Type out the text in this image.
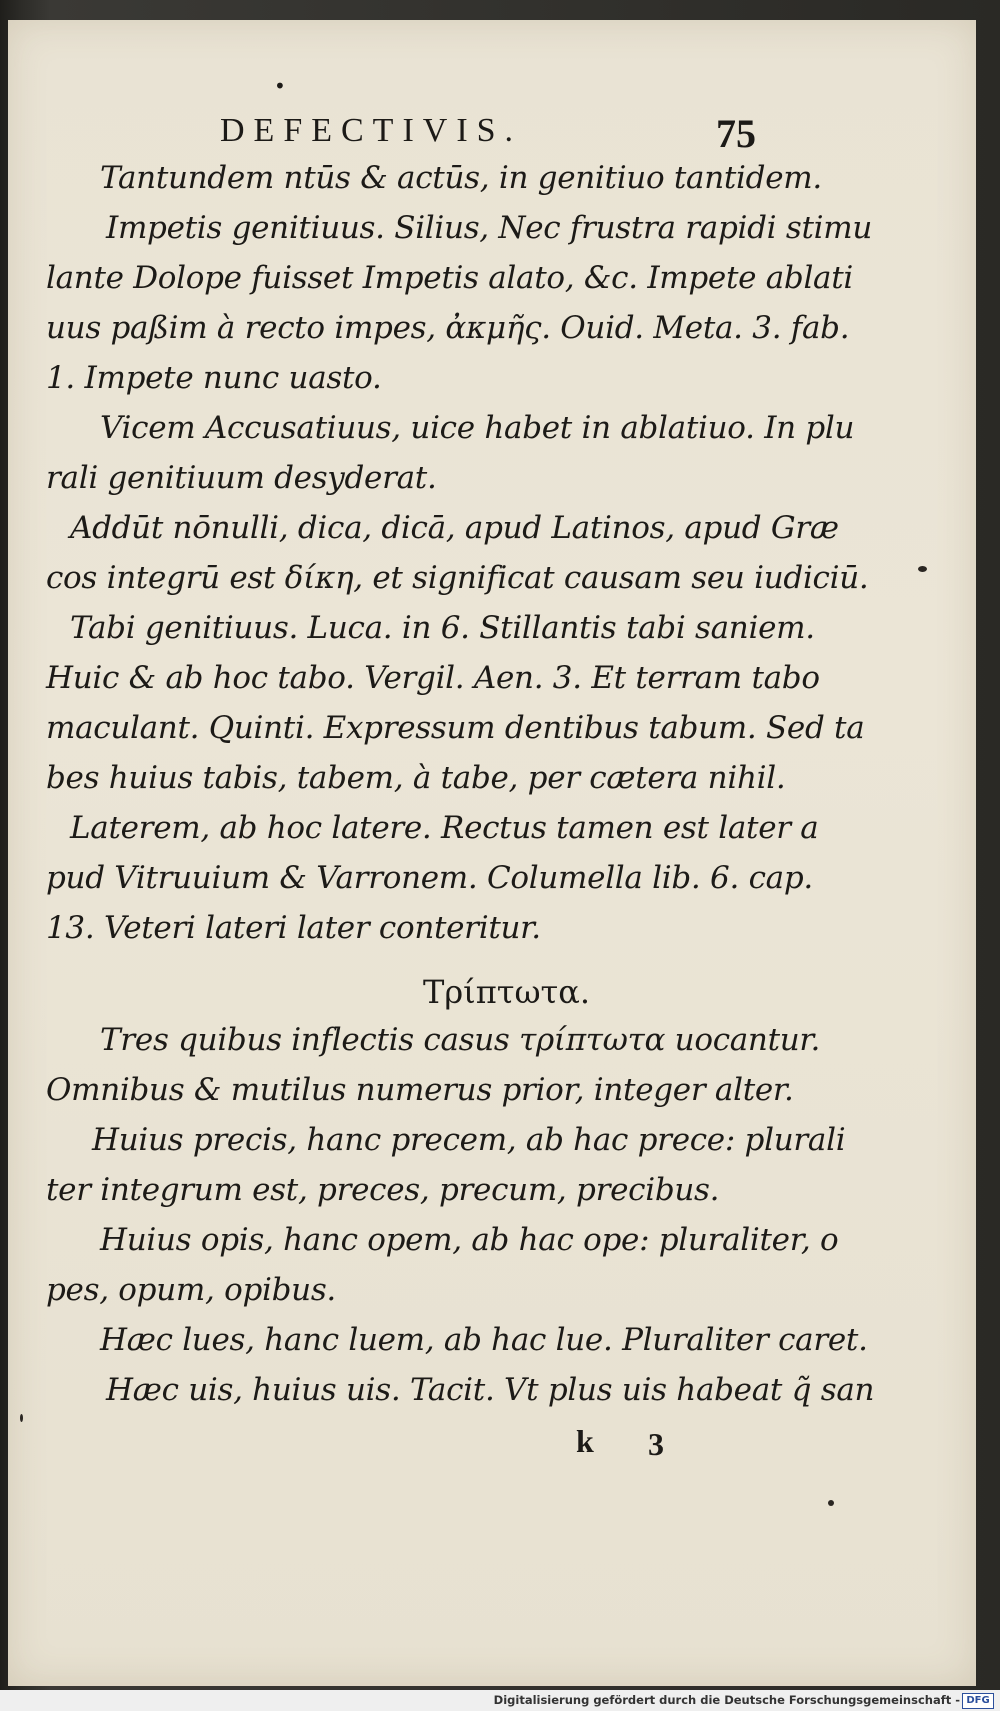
•
DEFECTIVIS.	75
Tantundem ntūs & actūs, in genitiuo tantidem.
Impetis genitiuus. Silius, Nec frustra rapidi stimu
lante Dolope fuisset Impetis alato, &c. Impete ablati
uus paßim à recto impes, ἀκμῆς. Ouid. Meta. 3. fab.
1. Impete nunc uasto.
Vicem Accusatiuus, uice habet in ablatiuo. In plu
rali genitiuum desyderat.
Addūt nōnulli, dica, dicā, apud Latinos, apud Græ
cos integrū est δίκη, et significat causam seu iudiciū.
Tabi genitiuus. Luca. in 6. Stillantis tabi saniem.
Huic & ab hoc tabo. Vergil. Aen. 3. Et terram tabo
maculant. Quinti. Expressum dentibus tabum. Sed ta
bes huius tabis, tabem, à tabe, per cætera nihil.
Laterem, ab hoc latere. Rectus tamen est later a
pud Vitruuium & Varronem. Columella lib. 6. cap.
13. Veteri lateri later conteritur.
Τρίπτωτα.
Tres quibus inflectis casus τρίπτωτα uocantur.
Omnibus & mutilus numerus prior, integer alter.
Huius precis, hanc precem, ab hac prece: plurali
ter integrum est, preces, precum, precibus.
Huius opis, hanc opem, ab hac ope: pluraliter, o
pes, opum, opibus.
Hæc lues, hanc luem, ab hac lue. Pluraliter caret.
Hæc uis, huius uis. Tacit. Vt plus uis habeat q̃ san
k 3
Digitalisierung gefördert durch die Deutsche Forschungsgemeinschaft - DFG
